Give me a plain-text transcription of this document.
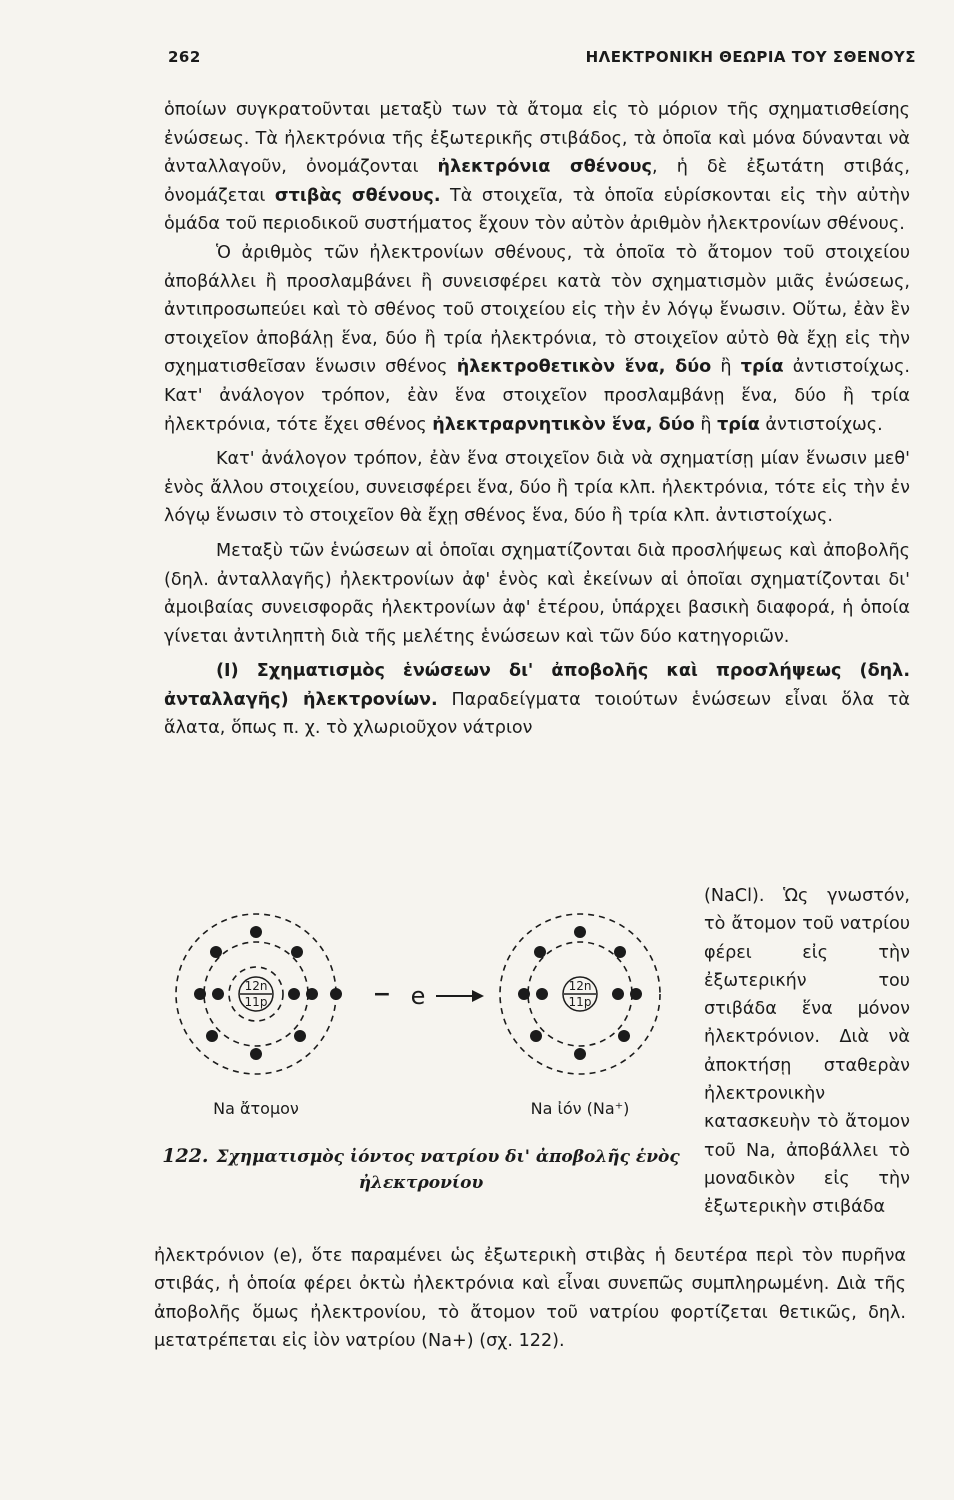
262	ΗΛΕΚΤΡΟΝΙΚΗ ΘΕΩΡΙΑ ΤΟΥ ΣΘΕΝΟΥΣ

ὁποίων συγκρατοῦνται μεταξὺ των τὰ ἄτομα εἰς τὸ μόριον τῆς σχηματισθείσης ἐνώσεως. Τὰ ἠλεκτρόνια τῆς ἐξωτερικῆς στιβάδος, τὰ ὁποῖα καὶ μόνα δύνανται νὰ ἀνταλλαγοῦν, ὀνομάζονται ἠλεκτρόνια σθένους, ἡ δὲ ἐξωτάτη στιβάς, ὀνομάζεται στιβὰς σθένους. Τὰ στοιχεῖα, τὰ ὁποῖα εὑρίσκονται εἰς τὴν αὐτὴν ὁμάδα τοῦ περιοδικοῦ συστήματος ἔχουν τὸν αὐτὸν ἀριθμὸν ἠλεκτρονίων σθένους.

Ὁ ἀριθμὸς τῶν ἠλεκτρονίων σθένους, τὰ ὁποῖα τὸ ἄτομον τοῦ στοιχείου ἀποβάλλει ἢ προσλαμβάνει ἢ συνεισφέρει κατὰ τὸν σχηματισμὸν μιᾶς ἐνώσεως, ἀντιπροσωπεύει καὶ τὸ σθένος τοῦ στοιχείου εἰς τὴν ἐν λόγῳ ἕνωσιν. Οὕτω, ἐὰν ἓν στοιχεῖον ἀποβάλῃ ἕνα, δύο ἢ τρία ἠλεκτρόνια, τὸ στοιχεῖον αὐτὸ θὰ ἔχῃ εἰς τὴν σχηματισθεῖσαν ἕνωσιν σθένος ἠλεκτροθετικὸν ἕνα, δύο ἢ τρία ἀντιστοίχως. Κατ' ἀνάλογον τρόπον, ἐὰν ἕνα στοιχεῖον προσλαμβάνῃ ἕνα, δύο ἢ τρία ἠλεκτρόνια, τότε ἔχει σθένος ἠλεκτραρνητικὸν ἕνα, δύο ἢ τρία ἀντιστοίχως.

Κατ' ἀνάλογον τρόπον, ἐὰν ἕνα στοιχεῖον διὰ νὰ σχηματίσῃ μίαν ἕνωσιν μεθ' ἑνὸς ἄλλου στοιχείου, συνεισφέρει ἕνα, δύο ἢ τρία κλπ. ἠλεκτρόνια, τότε εἰς τὴν ἐν λόγῳ ἕνωσιν τὸ στοιχεῖον θὰ ἔχῃ σθένος ἕνα, δύο ἢ τρία κλπ. ἀντιστοίχως.

Μεταξὺ τῶν ἑνώσεων αἱ ὁποῖαι σχηματίζονται διὰ προσλήψεως καὶ ἀποβολῆς (δηλ. ἀνταλλαγῆς) ἠλεκτρονίων ἀφ' ἑνὸς καὶ ἐκείνων αἱ ὁποῖαι σχηματίζονται δι' ἀμοιβαίας συνεισφορᾶς ἠλεκτρονίων ἀφ' ἑτέρου, ὑπάρχει βασικὴ διαφορά, ἡ ὁποία γίνεται ἀντιληπτὴ διὰ τῆς μελέτης ἑνώσεων καὶ τῶν δύο κατηγοριῶν.

(Ι) Σχηματισμὸς ἑνώσεων δι' ἀποβολῆς καὶ προσλήψεως (δηλ. ἀνταλλαγῆς) ἠλεκτρονίων. Παραδείγματα τοιούτων ἑνώσεων εἶναι ὅλα τὰ ἅλατα, ὅπως π. χ. τὸ χλωριοῦχον νάτριον

(NaCl). Ὡς γνωστόν, τὸ ἄτομον τοῦ νατρίου φέρει εἰς τὴν ἐξωτερικήν του στιβάδα ἕνα μόνον ἠλεκτρόνιον. Διὰ νὰ ἀποκτήσῃ σταθερὰν ἠλεκτρονικὴν κατασκευὴν τὸ ἄτομον τοῦ Na, ἀποβάλλει τὸ μοναδικὸν εἰς τὴν ἐξωτερικὴν στιβάδα
12n
11p
12n
11p
− e
Na ἄτομον	Na ἰόν (Na⁺)
122. Σχηματισμὸς ἰόντος νατρίου δι' ἀποβολῆς ἑνὸς ἠλεκτρονίου
ἠλεκτρόνιον (e), ὅτε παραμένει ὡς ἐξωτερικὴ στιβὰς ἡ δευτέρα περὶ τὸν πυρῆνα στιβάς, ἡ ὁποία φέρει ὀκτὼ ἠλεκτρόνια καὶ εἶναι συνεπῶς συμπληρωμένη. Διὰ τῆς ἀποβολῆς ὅμως ἠλεκτρονίου, τὸ ἄτομον τοῦ νατρίου φορτίζεται θετικῶς, δηλ. μετατρέπεται εἰς ἰὸν νατρίου (Na+) (σχ. 122).
